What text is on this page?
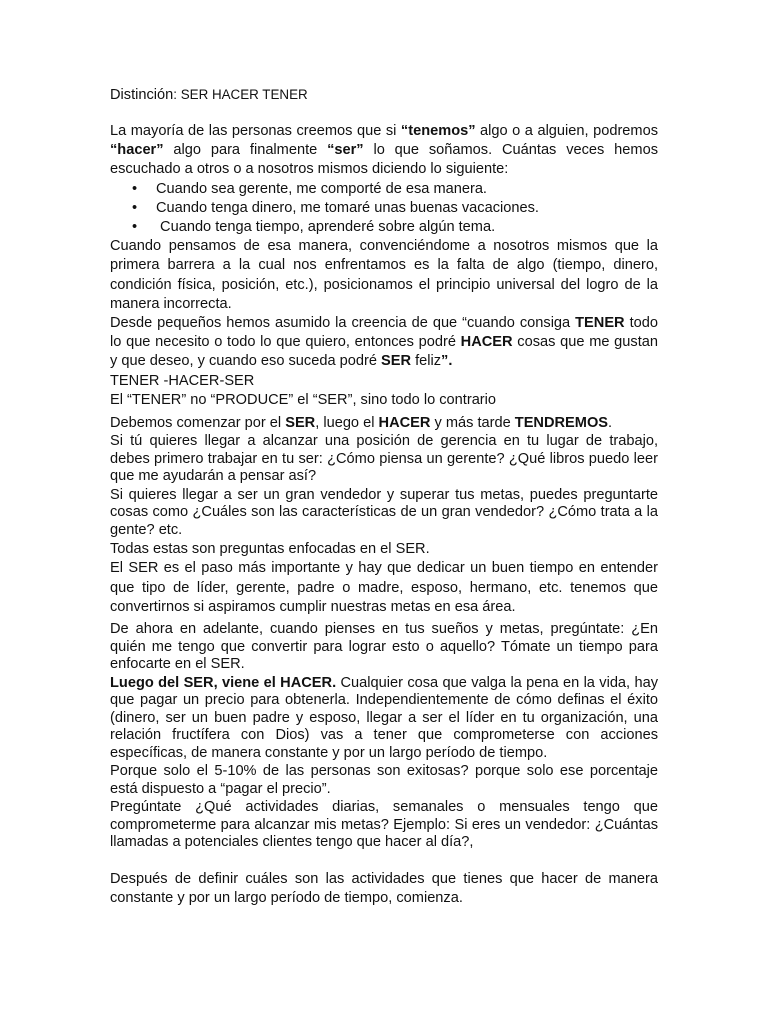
Distinción: SER HACER TENER

La mayoría de las personas creemos que si “tenemos” algo o a alguien, podremos “hacer” algo para finalmente “ser” lo que soñamos. Cuántas veces hemos escuchado a otros o a nosotros mismos diciendo lo siguiente:

• Cuando sea gerente, me comporté de esa manera.
• Cuando tenga dinero, me tomaré unas buenas vacaciones.
• Cuando tenga tiempo, aprenderé sobre algún tema.

Cuando pensamos de esa manera, convenciéndome a nosotros mismos que la primera barrera a la cual nos enfrentamos es la falta de algo (tiempo, dinero, condición física, posición, etc.), posicionamos el principio universal del logro de la manera incorrecta.

Desde pequeños hemos asumido la creencia de que “cuando consiga TENER todo lo que necesito o todo lo que quiero, entonces podré HACER cosas que me gustan y que deseo, y cuando eso suceda podré SER feliz”.

TENER -HACER-SER

El “TENER” no “PRODUCE” el “SER”, sino todo lo contrario

Debemos comenzar por el SER, luego el HACER y más tarde TENDREMOS.

Si tú quieres llegar a alcanzar una posición de gerencia en tu lugar de trabajo, debes primero trabajar en tu ser: ¿Cómo piensa un gerente? ¿Qué libros puedo leer que me ayudarán a pensar así?

Si quieres llegar a ser un gran vendedor y superar tus metas, puedes preguntarte cosas como ¿Cuáles son las características de un gran vendedor? ¿Cómo trata a la gente? etc.

Todas estas son preguntas enfocadas en el SER.

El SER es el paso más importante y hay que dedicar un buen tiempo en entender que tipo de líder, gerente, padre o madre, esposo, hermano, etc. tenemos que convertirnos si aspiramos cumplir nuestras metas en esa área.

De ahora en adelante, cuando pienses en tus sueños y metas, pregúntate: ¿En quién me tengo que convertir para lograr esto o aquello? Tómate un tiempo para enfocarte en el SER.

Luego del SER, viene el HACER. Cualquier cosa que valga la pena en la vida, hay que pagar un precio para obtenerla. Independientemente de cómo definas el éxito (dinero, ser un buen padre y esposo, llegar a ser el líder en tu organización, una relación fructífera con Dios) vas a tener que comprometerse con acciones específicas, de manera constante y por un largo período de tiempo.

Porque solo el 5-10% de las personas son exitosas? porque solo ese porcentaje está dispuesto a “pagar el precio”.

Pregúntate ¿Qué actividades diarias, semanales o mensuales tengo que comprometerme para alcanzar mis metas? Ejemplo: Si eres un vendedor: ¿Cuántas llamadas a potenciales clientes tengo que hacer al día?,

Después de definir cuáles son las actividades que tienes que hacer de manera constante y por un largo período de tiempo, comienza.
